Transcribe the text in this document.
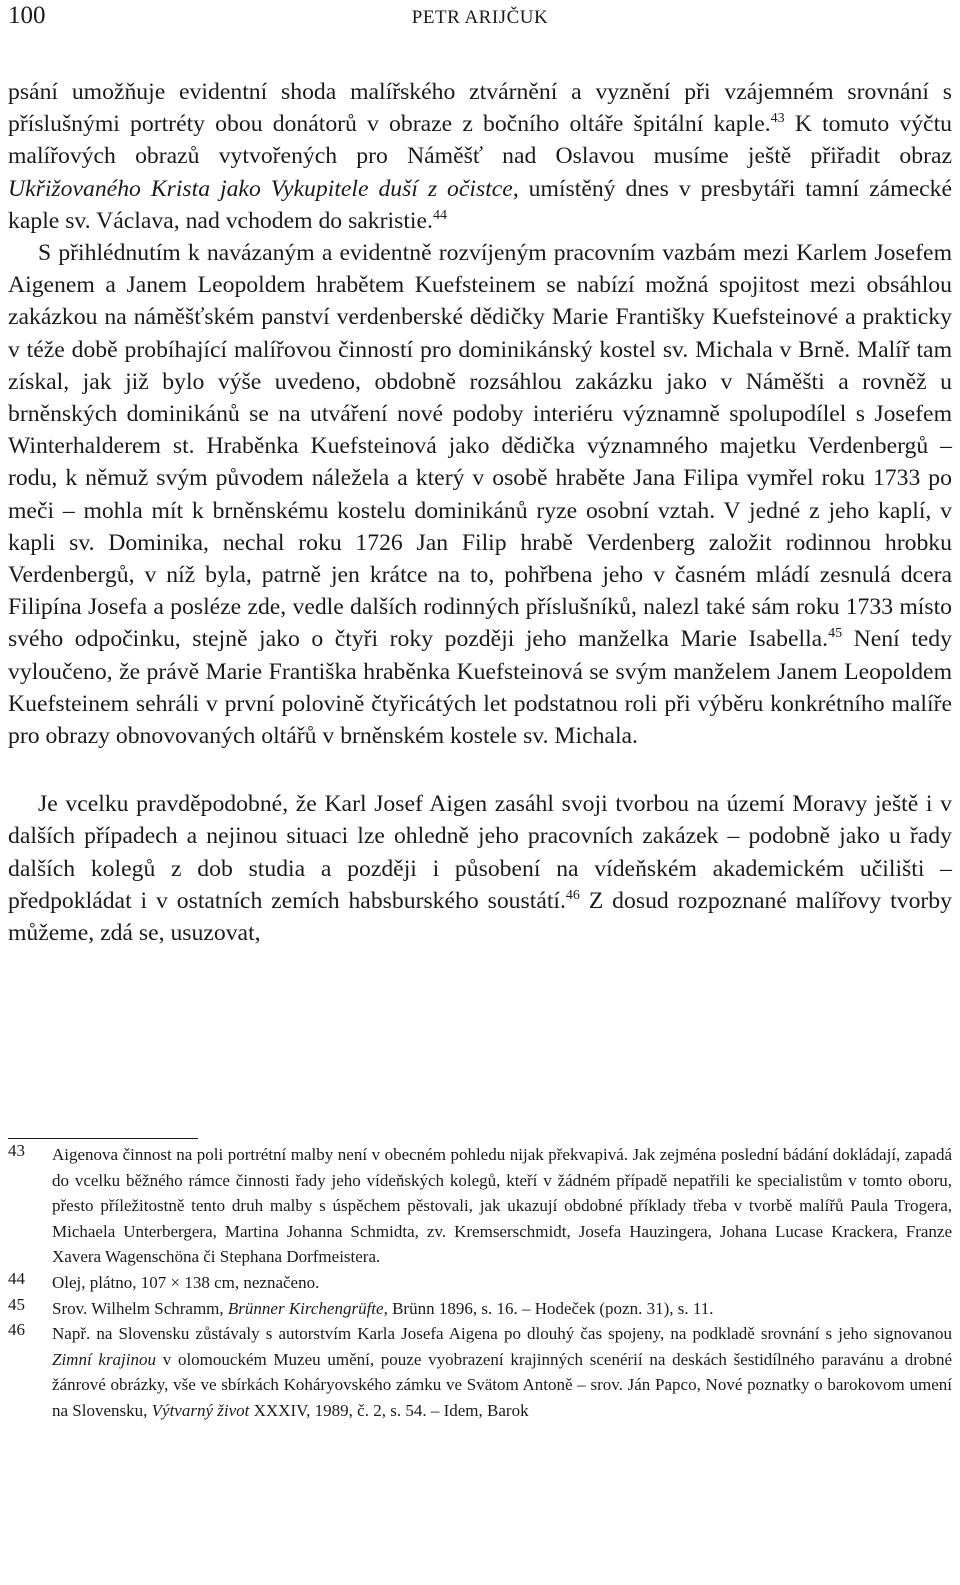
100	PETR ARIJČUK

psání umožňuje evidentní shoda malířského ztvárnění a vyznění při vzájemném srovnání s příslušnými portréty obou donátorů v obraze z bočního oltáře špitální kaple.$^{43}$ K tomuto výčtu malířových obrazů vytvořených pro Náměšť nad Oslavou musíme ještě přiřadit obraz Ukřižovaného Krista jako Vykupitele duší z očistce, umístěný dnes v presbytáři tamní zámecké kaple sv. Václava, nad vchodem do sakristie.$^{44}$

S přihlédnutím k navázaným a evidentně rozvíjeným pracovním vazbám mezi Karlem Josefem Aigenem a Janem Leopoldem hrabětem Kuefsteinem se nabízí možná spojitost mezi obsáhlou zakázkou na náměšťském panství verdenberské dědičky Marie Františky Kuefsteinové a prakticky v téže době probíhající malířovou činností pro dominikánský kostel sv. Michala v Brně. Malíř tam získal, jak již bylo výše uvedeno, obdobně rozsáhlou zakázku jako v Náměšti a rovněž u brněnských dominikánů se na utváření nové podoby interiéru významně spolupodílel s Josefem Winterhalderem st. Hraběnka Kuefsteinová jako dědička významného majetku Verdenbergů – rodu, k němuž svým původem náležela a který v osobě hraběte Jana Filipa vymřel roku 1733 po meči – mohla mít k brněnskému kostelu dominikánů ryze osobní vztah. V jedné z jeho kaplí, v kapli sv. Dominika, nechal roku 1726 Jan Filip hrabě Verdenberg založit rodinnou hrobku Verdenbergů, v níž byla, patrně jen krátce na to, pohřbena jeho v časném mládí zesnulá dcera Filipína Josefa a posléze zde, vedle dalších rodinných příslušníků, nalezl také sám roku 1733 místo svého odpočinku, stejně jako o čtyři roky později jeho manželka Marie Isabella.$^{45}$ Není tedy vyloučeno, že právě Marie Františka hraběnka Kuefsteinová se svým manželem Janem Leopoldem Kuefsteinem sehráli v první polovině čtyřicátých let podstatnou roli při výběru konkrétního malíře pro obrazy obnovovaných oltářů v brněnském kostele sv. Michala.

Je vcelku pravděpodobné, že Karl Josef Aigen zasáhl svoji tvorbou na území Moravy ještě i v dalších případech a nejinou situaci lze ohledně jeho pracovních zakázek – podobně jako u řady dalších kolegů z dob studia a později i působení na vídeňském akademickém učilišti – předpokládat i v ostatních zemích habsburského soustátí.$^{46}$ Z dosud rozpoznané malířovy tvorby můžeme, zdá se, usuzovat,

43 Aigenova činnost na poli portrétní malby není v obecném pohledu nijak překvapivá. Jak zejména poslední bádání dokládají, zapadá do vcelku běžného rámce činnosti řady jeho vídeňských kolegů, kteří v žádném případě nepatřili ke specialistům v tomto oboru, přesto příležitostně tento druh malby s úspěchem pěstovali, jak ukazují obdobné příklady třeba v tvorbě malířů Paula Trogera, Michaela Unterbergera, Martina Johanna Schmidta, zv. Kremserschmidt, Josefa Hauzingera, Johana Lucase Krackera, Franze Xavera Wagenschöna či Stephana Dorfmeistera.
44 Olej, plátno, 107 × 138 cm, neznačeno.
45 Srov. Wilhelm Schramm, Brünner Kirchengrüfte, Brünn 1896, s. 16. – Hodeček (pozn. 31), s. 11.
46 Např. na Slovensku zůstávaly s autorstvím Karla Josefa Aigena po dlouhý čas spojeny, na podkladě srovnání s jeho signovanou Zimní krajinou v olomouckém Muzeu umění, pouze vyobrazení krajinných scenérií na deskách šestidílného paravánu a drobné žánrové obrázky, vše ve sbírkách Koháryovského zámku ve Svätom Antoně – srov. Ján Papco, Nové poznatky o barokovom umení na Slovensku, Výtvarný život XXXIV, 1989, č. 2, s. 54. – Idem, Barok
